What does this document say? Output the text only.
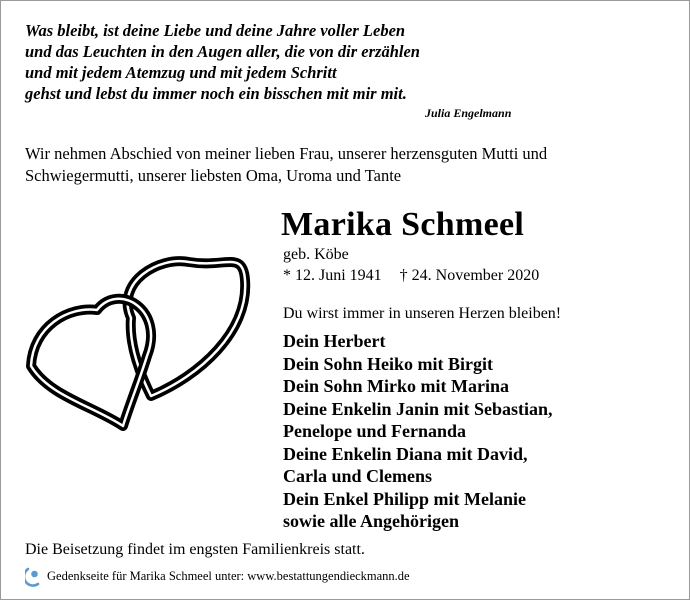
Was bleibt, ist deine Liebe und deine Jahre voller Leben
und das Leuchten in den Augen aller, die von dir erzählen
und mit jedem Atemzug und mit jedem Schritt
gehst und lebst du immer noch ein bisschen mit mir mit.
Julia Engelmann
Wir nehmen Abschied von meiner lieben Frau, unserer herzensguten Mutti und
Schwiegermutti, unserer liebsten Oma, Uroma und Tante
Marika Schmeel
geb. Köbe
* 12. Juni 1941 † 24. November 2020
Du wirst immer in unseren Herzen bleiben!
Dein Herbert
Dein Sohn Heiko mit Birgit
Dein Sohn Mirko mit Marina
Deine Enkelin Janin mit Sebastian,
Penelope und Fernanda
Deine Enkelin Diana mit David,
Carla und Clemens
Dein Enkel Philipp mit Melanie
sowie alle Angehörigen
Die Beisetzung findet im engsten Familienkreis statt.
Gedenkseite für Marika Schmeel unter: www.bestattungendieckmann.de
